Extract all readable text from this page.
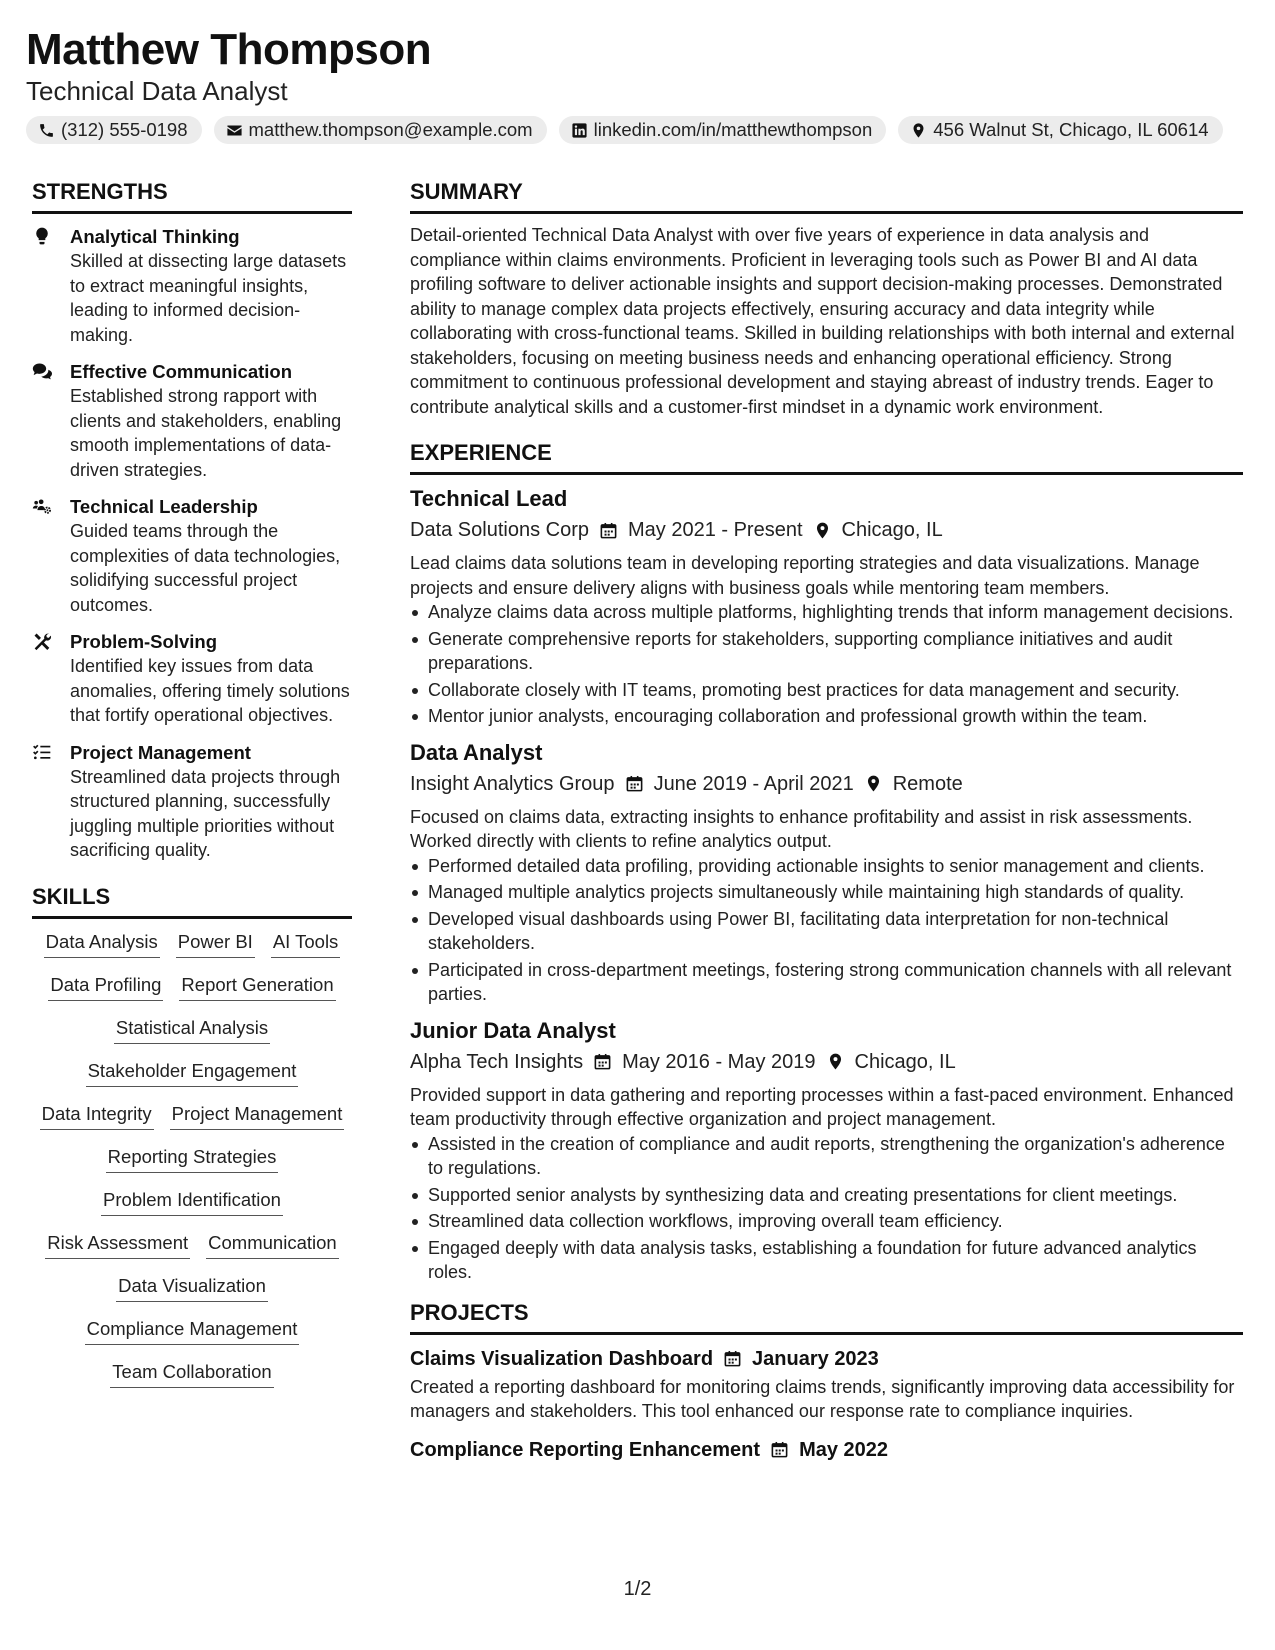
Matthew Thompson
Technical Data Analyst
(312) 555-0198	matthew.thompson@example.com	linkedin.com/in/matthewthompson	456 Walnut St, Chicago, IL 60614
STRENGTHS
Analytical Thinking
Skilled at dissecting large datasets to extract meaningful insights, leading to informed decision-making.
Effective Communication
Established strong rapport with clients and stakeholders, enabling smooth implementations of data-driven strategies.
Technical Leadership
Guided teams through the complexities of data technologies, solidifying successful project outcomes.
Problem-Solving
Identified key issues from data anomalies, offering timely solutions that fortify operational objectives.
Project Management
Streamlined data projects through structured planning, successfully juggling multiple priorities without sacrificing quality.
SKILLS
Data Analysis Power BI AI Tools
Data Profiling Report Generation
Statistical Analysis
Stakeholder Engagement
Data Integrity Project Management
Reporting Strategies
Problem Identification
Risk Assessment Communication
Data Visualization
Compliance Management
Team Collaboration
SUMMARY
Detail-oriented Technical Data Analyst with over five years of experience in data analysis and compliance within claims environments. Proficient in leveraging tools such as Power BI and AI data profiling software to deliver actionable insights and support decision-making processes. Demonstrated ability to manage complex data projects effectively, ensuring accuracy and data integrity while collaborating with cross-functional teams. Skilled in building relationships with both internal and external stakeholders, focusing on meeting business needs and enhancing operational efficiency. Strong commitment to continuous professional development and staying abreast of industry trends. Eager to contribute analytical skills and a customer-first mindset in a dynamic work environment.
EXPERIENCE
Technical Lead
Data Solutions Corp May 2021 - Present Chicago, IL
Lead claims data solutions team in developing reporting strategies and data visualizations. Manage projects and ensure delivery aligns with business goals while mentoring team members.
Analyze claims data across multiple platforms, highlighting trends that inform management decisions.
Generate comprehensive reports for stakeholders, supporting compliance initiatives and audit preparations.
Collaborate closely with IT teams, promoting best practices for data management and security.
Mentor junior analysts, encouraging collaboration and professional growth within the team.
Data Analyst
Insight Analytics Group June 2019 - April 2021 Remote
Focused on claims data, extracting insights to enhance profitability and assist in risk assessments. Worked directly with clients to refine analytics output.
Performed detailed data profiling, providing actionable insights to senior management and clients.
Managed multiple analytics projects simultaneously while maintaining high standards of quality.
Developed visual dashboards using Power BI, facilitating data interpretation for non-technical stakeholders.
Participated in cross-department meetings, fostering strong communication channels with all relevant parties.
Junior Data Analyst
Alpha Tech Insights May 2016 - May 2019 Chicago, IL
Provided support in data gathering and reporting processes within a fast-paced environment. Enhanced team productivity through effective organization and project management.
Assisted in the creation of compliance and audit reports, strengthening the organization's adherence to regulations.
Supported senior analysts by synthesizing data and creating presentations for client meetings.
Streamlined data collection workflows, improving overall team efficiency.
Engaged deeply with data analysis tasks, establishing a foundation for future advanced analytics roles.
PROJECTS
Claims Visualization Dashboard January 2023
Created a reporting dashboard for monitoring claims trends, significantly improving data accessibility for managers and stakeholders. This tool enhanced our response rate to compliance inquiries.
Compliance Reporting Enhancement May 2022
1/2
